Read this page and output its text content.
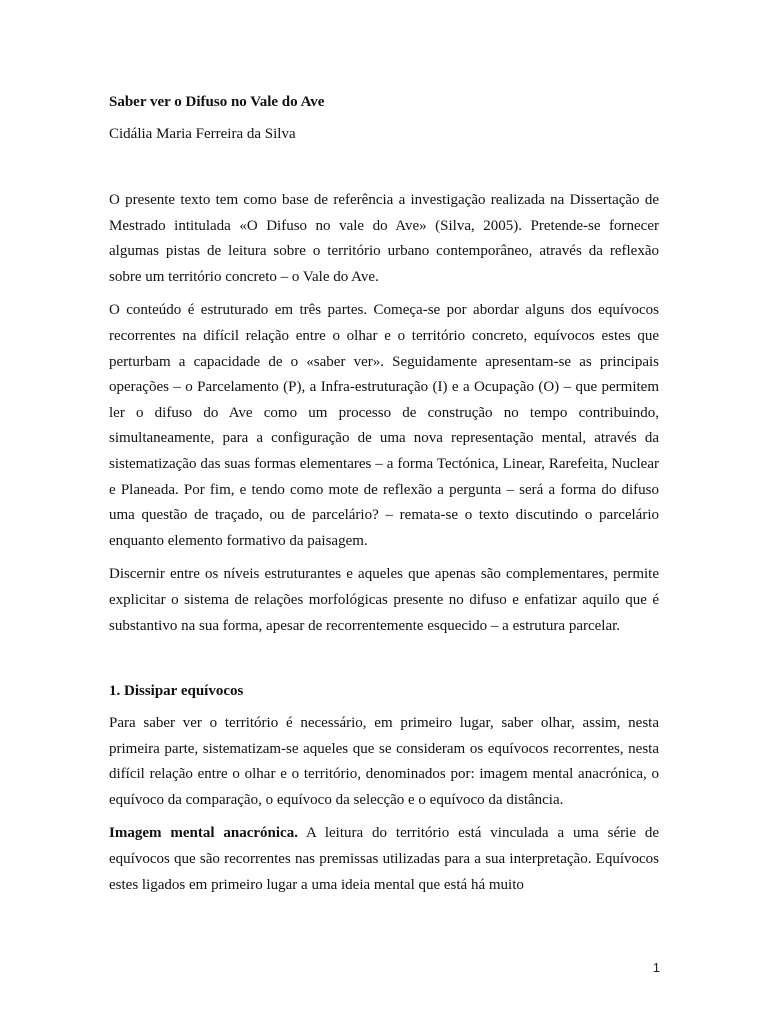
Saber ver o Difuso no Vale do Ave

Cidália Maria Ferreira da Silva

O presente texto tem como base de referência a investigação realizada na Dissertação de Mestrado intitulada «O Difuso no vale do Ave» (Silva, 2005). Pretende-se fornecer algumas pistas de leitura sobre o território urbano contemporâneo, através da reflexão sobre um território concreto – o Vale do Ave.

O conteúdo é estruturado em três partes. Começa-se por abordar alguns dos equívocos recorrentes na difícil relação entre o olhar e o território concreto, equívocos estes que perturbam a capacidade de o «saber ver». Seguidamente apresentam-se as principais operações – o Parcelamento (P), a Infra-estruturação (I) e a Ocupação (O) – que permitem ler o difuso do Ave como um processo de construção no tempo contribuindo, simultaneamente, para a configuração de uma nova representação mental, através da sistematização das suas formas elementares – a forma Tectónica, Linear, Rarefeita, Nuclear e Planeada. Por fim, e tendo como mote de reflexão a pergunta – será a forma do difuso uma questão de traçado, ou de parcelário? – remata-se o texto discutindo o parcelário enquanto elemento formativo da paisagem.

Discernir entre os níveis estruturantes e aqueles que apenas são complementares, permite explicitar o sistema de relações morfológicas presente no difuso e enfatizar aquilo que é substantivo na sua forma, apesar de recorrentemente esquecido – a estrutura parcelar.

1. Dissipar equívocos

Para saber ver o território é necessário, em primeiro lugar, saber olhar, assim, nesta primeira parte, sistematizam-se aqueles que se consideram os equívocos recorrentes, nesta difícil relação entre o olhar e o território, denominados por: imagem mental anacrónica, o equívoco da comparação, o equívoco da selecção e o equívoco da distância.

Imagem mental anacrónica. A leitura do território está vinculada a uma série de equívocos que são recorrentes nas premissas utilizadas para a sua interpretação. Equívocos estes ligados em primeiro lugar a uma ideia mental que está há muito

1
